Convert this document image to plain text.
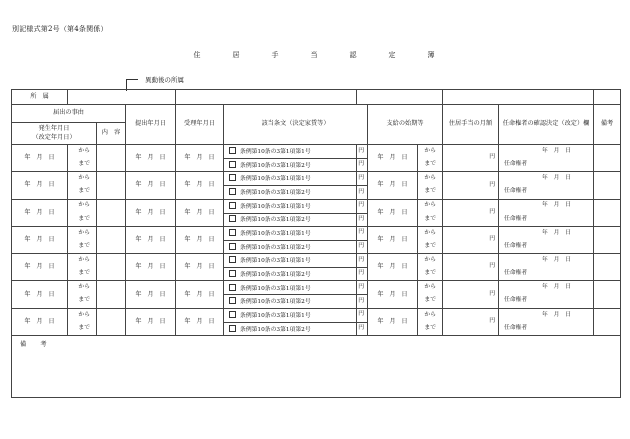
別記様式第2号（第4条関係）
住	居	手	当	認	定	簿
異動後の所属
所　属											
届出の事由			提出年月日	受理年月日	該当条文（決定家賃等）		支給の始期等		住居手当の月額	任命権者の確認決定（改定）欄	備考

発生年月日
（改定年月日）		内　容									
年　月　日	から		年　月　日	年　月　日	条例第10条の3第1項第1号	円	年　月　日	から	円	年　月　日	
	まで				条例第10条の3第1項第2号	円		まで		任命権者	
年　月　日	から		年　月　日	年　月　日	条例第10条の3第1項第1号	円	年　月　日	から	円	年　月　日	
	まで				条例第10条の3第1項第2号	円		まで		任命権者	
年　月　日	から		年　月　日	年　月　日	条例第10条の3第1項第1号	円	年　月　日	から	円	年　月　日	
	まで				条例第10条の3第1項第2号	円		まで		任命権者	
年　月　日	から		年　月　日	年　月　日	条例第10条の3第1項第1号	円	年　月　日	から	円	年　月　日	
	まで				条例第10条の3第1項第2号	円		まで		任命権者	
年　月　日	から		年　月　日	年　月　日	条例第10条の3第1項第1号	円	年　月　日	から	円	年　月　日	
	まで				条例第10条の3第1項第2号	円		まで		任命権者	
年　月　日	から		年　月　日	年　月　日	条例第10条の3第1項第1号	円	年　月　日	から	円	年　月　日	
	まで				条例第10条の3第1項第2号	円		まで		任命権者	
年　月　日	から		年　月　日	年　月　日	条例第10条の3第1項第1号	円	年　月　日	から	円	年　月　日	
	まで				条例第10条の3第1項第2号	円		まで		任命権者	
備　考											
